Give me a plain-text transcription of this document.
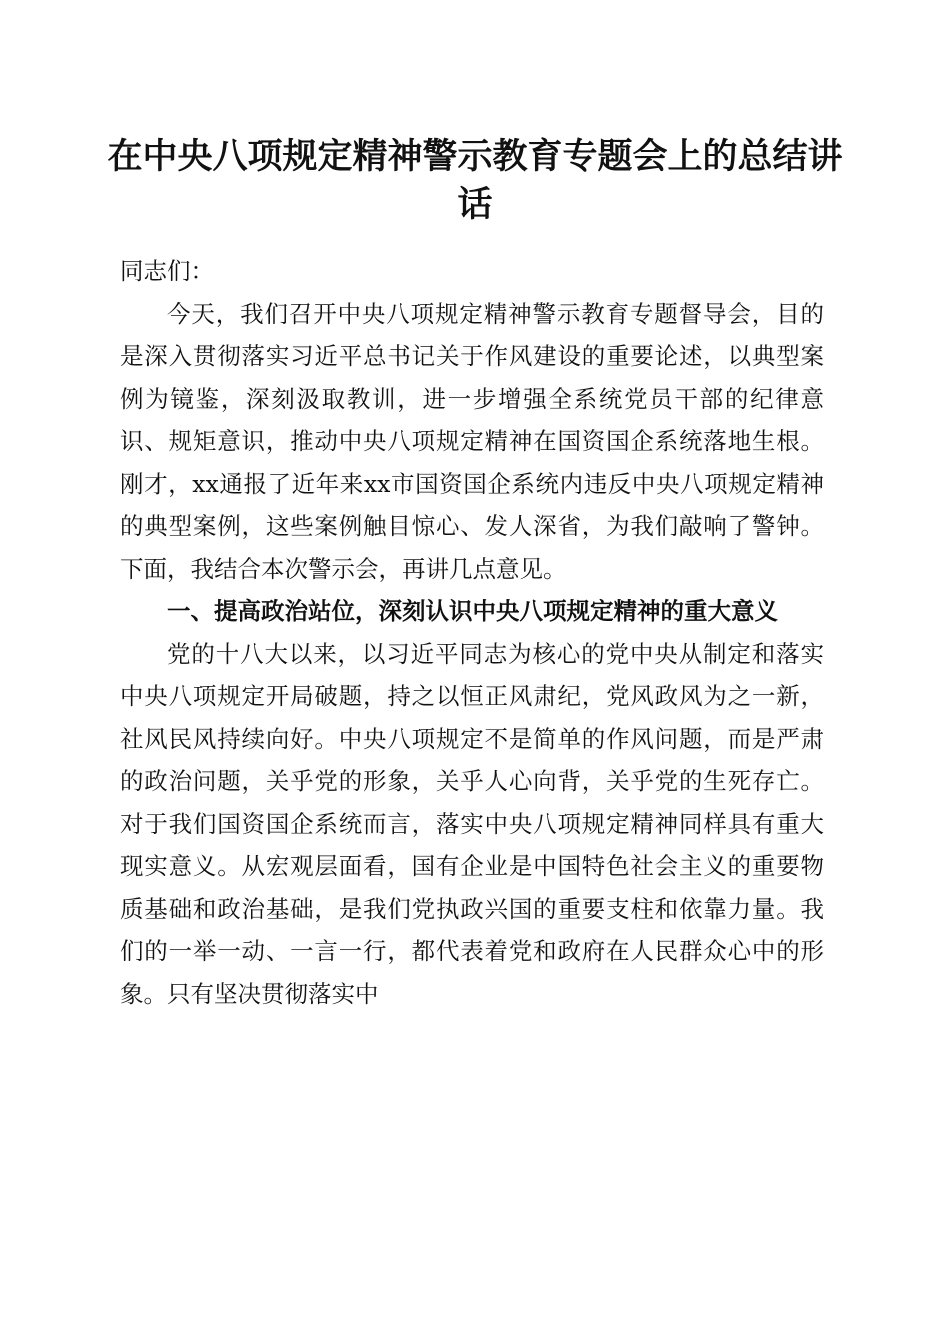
在中央八项规定精神警示教育专题会上的总结讲话

同志们：

今天，我们召开中央八项规定精神警示教育专题督导会，目的是深入贯彻落实习近平总书记关于作风建设的重要论述，以典型案例为镜鉴，深刻汲取教训，进一步增强全系统党员干部的纪律意识、规矩意识，推动中央八项规定精神在国资国企系统落地生根。刚才，xx通报了近年来xx市国资国企系统内违反中央八项规定精神的典型案例，这些案例触目惊心、发人深省，为我们敲响了警钟。下面，我结合本次警示会，再讲几点意见。

一、提高政治站位，深刻认识中央八项规定精神的重大意义

党的十八大以来，以习近平同志为核心的党中央从制定和落实中央八项规定开局破题，持之以恒正风肃纪，党风政风为之一新，社风民风持续向好。中央八项规定不是简单的作风问题，而是严肃的政治问题，关乎党的形象，关乎人心向背，关乎党的生死存亡。对于我们国资国企系统而言，落实中央八项规定精神同样具有重大现实意义。从宏观层面看，国有企业是中国特色社会主义的重要物质基础和政治基础，是我们党执政兴国的重要支柱和依靠力量。我们的一举一动、一言一行，都代表着党和政府在人民群众心中的形象。只有坚决贯彻落实中
